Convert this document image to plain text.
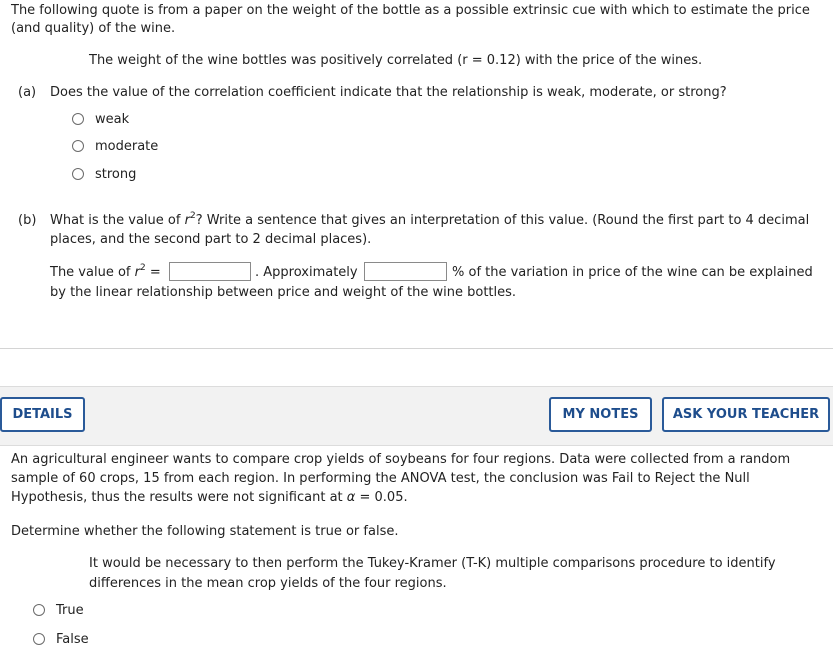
The following quote is from a paper on the weight of the bottle as a possible extrinsic cue with which to estimate the price
(and quality) of the wine.
The weight of the wine bottles was positively correlated (r = 0.12) with the price of the wines.
(a) Does the value of the correlation coefficient indicate that the relationship is weak, moderate, or strong?
weak
moderate
strong
(b) What is the value of $r^2$? Write a sentence that gives an interpretation of this value. (Round the first part to 4 decimal
places, and the second part to 2 decimal places).
The value of $r^2$ =	. Approximately	% of the variation in price of the wine can be explained
by the linear relationship between price and weight of the wine bottles.
DETAILS	MY NOTES	ASK YOUR TEACHER
An agricultural engineer wants to compare crop yields of soybeans for four regions. Data were collected from a random
sample of 60 crops, 15 from each region. In performing the ANOVA test, the conclusion was Fail to Reject the Null
Hypothesis, thus the results were not significant at α = 0.05.
Determine whether the following statement is true or false.
It would be necessary to then perform the Tukey-Kramer (T-K) multiple comparisons procedure to identify
differences in the mean crop yields of the four regions.
True
False
